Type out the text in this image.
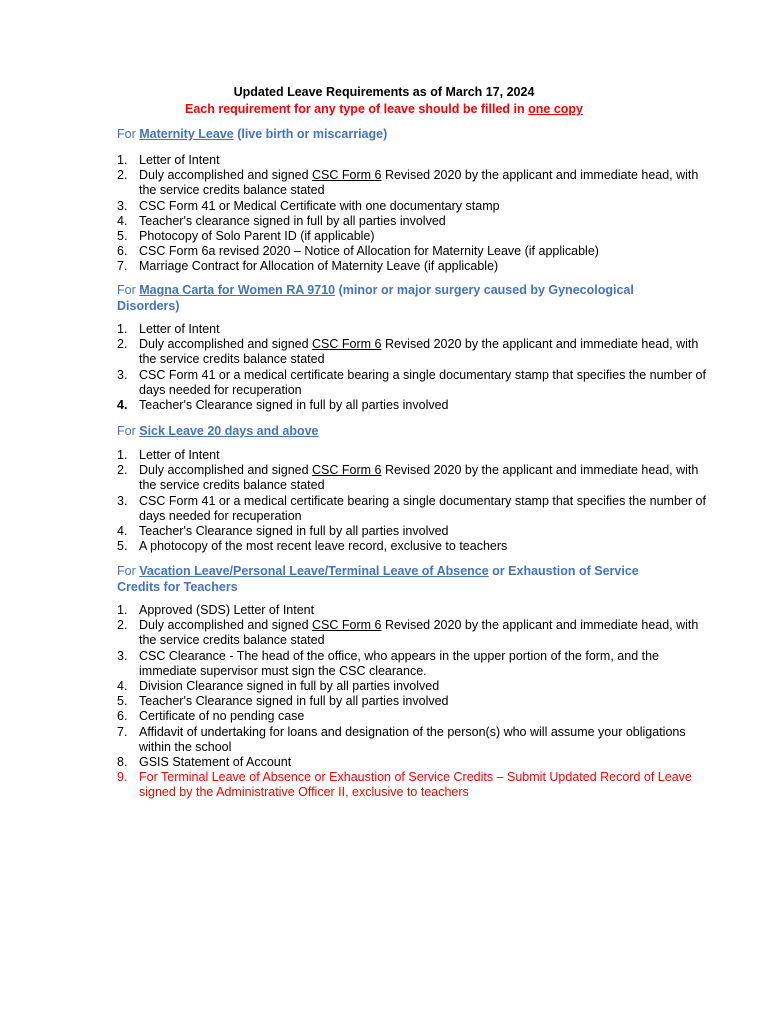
Updated Leave Requirements as of March 17, 2024
Each requirement for any type of leave should be filled in one copy
For Maternity Leave (live birth or miscarriage)
1. Letter of Intent
2. Duly accomplished and signed CSC Form 6 Revised 2020 by the applicant and immediate head, with the service credits balance stated
3. CSC Form 41 or Medical Certificate with one documentary stamp
4. Teacher's clearance signed in full by all parties involved
5. Photocopy of Solo Parent ID (if applicable)
6. CSC Form 6a revised 2020 – Notice of Allocation for Maternity Leave (if applicable)
7. Marriage Contract for Allocation of Maternity Leave (if applicable)
For Magna Carta for Women RA 9710 (minor or major surgery caused by Gynecological Disorders)
1. Letter of Intent
2. Duly accomplished and signed CSC Form 6 Revised 2020 by the applicant and immediate head, with the service credits balance stated
3. CSC Form 41 or a medical certificate bearing a single documentary stamp that specifies the number of days needed for recuperation
4. Teacher's Clearance signed in full by all parties involved
For Sick Leave 20 days and above
1. Letter of Intent
2. Duly accomplished and signed CSC Form 6 Revised 2020 by the applicant and immediate head, with the service credits balance stated
3. CSC Form 41 or a medical certificate bearing a single documentary stamp that specifies the number of days needed for recuperation
4. Teacher's Clearance signed in full by all parties involved
5. A photocopy of the most recent leave record, exclusive to teachers
For Vacation Leave/Personal Leave/Terminal Leave of Absence or Exhaustion of Service Credits for Teachers
1. Approved (SDS) Letter of Intent
2. Duly accomplished and signed CSC Form 6 Revised 2020 by the applicant and immediate head, with the service credits balance stated
3. CSC Clearance - The head of the office, who appears in the upper portion of the form, and the immediate supervisor must sign the CSC clearance.
4. Division Clearance signed in full by all parties involved
5. Teacher's Clearance signed in full by all parties involved
6. Certificate of no pending case
7. Affidavit of undertaking for loans and designation of the person(s) who will assume your obligations within the school
8. GSIS Statement of Account
9. For Terminal Leave of Absence or Exhaustion of Service Credits – Submit Updated Record of Leave signed by the Administrative Officer II, exclusive to teachers
